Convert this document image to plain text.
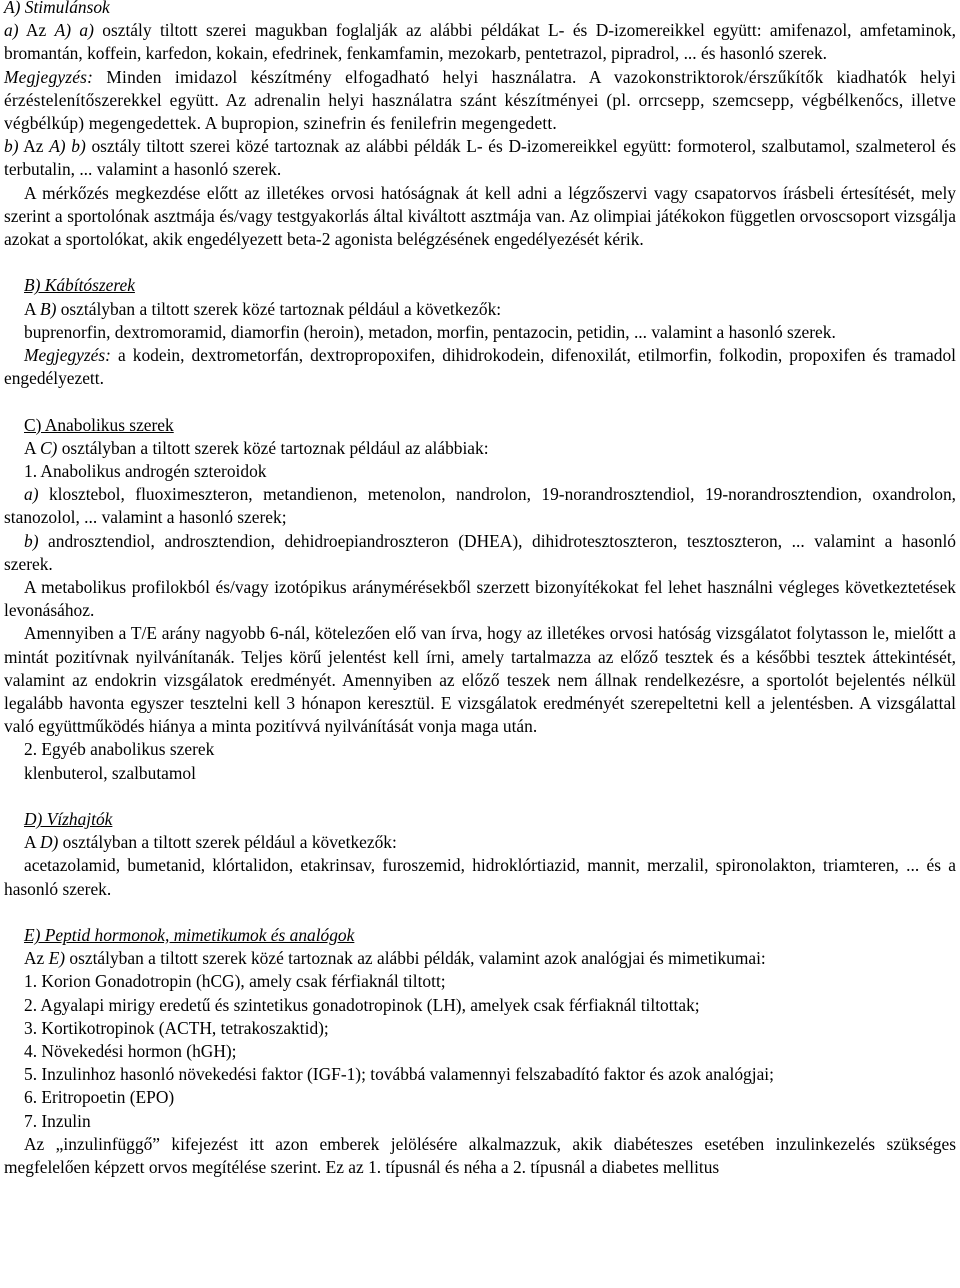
A) Stimulánsok

a) Az A) a) osztály tiltott szerei magukban foglalják az alábbi példákat L- és D-izomereikkel együtt: amifenazol, amfetaminok, bromantán, koffein, karfedon, kokain, efedrinek, fenkamfamin, mezokarb, pentetrazol, pipradrol, ... és hasonló szerek.

Megjegyzés: Minden imidazol készítmény elfogadható helyi használatra. A vazokonstriktorok/érszűkítők kiadhatók helyi érzéstelenítőszerekkel együtt. Az adrenalin helyi használatra szánt készítményei (pl. orrcsepp, szemcsepp, végbélkenőcs, illetve végbélkúp) megengedettek. A bupropion, szinefrin és fenilefrin megengedett.

b) Az A) b) osztály tiltott szerei közé tartoznak az alábbi példák L- és D-izomereikkel együtt: formoterol, szalbutamol, szalmeterol és terbutalin, ... valamint a hasonló szerek.

A mérkőzés megkezdése előtt az illetékes orvosi hatóságnak át kell adni a légzőszervi vagy csapatorvos írásbeli értesítését, mely szerint a sportolónak asztmája és/vagy testgyakorlás által kiváltott asztmája van. Az olimpiai játékokon független orvoscsoport vizsgálja azokat a sportolókat, akik engedélyezett beta-2 agonista belégzésének engedélyezését kérik.

B) Kábítószerek

A B) osztályban a tiltott szerek közé tartoznak például a következők:

buprenorfin, dextromoramid, diamorfin (heroin), metadon, morfin, pentazocin, petidin, ... valamint a hasonló szerek.

Megjegyzés: a kodein, dextrometorfán, dextropropoxifen, dihidrokodein, difenoxilát, etilmorfin, folkodin, propoxifen és tramadol engedélyezett.

C) Anabolikus szerek

A C) osztályban a tiltott szerek közé tartoznak például az alábbiak:

1. Anabolikus androgén szteroidok

a) klosztebol, fluoximeszteron, metandienon, metenolon, nandrolon, 19-norandrosztendiol, 19-norandrosztendion, oxandrolon, stanozolol, ... valamint a hasonló szerek;

b) androsztendiol, androsztendion, dehidroepiandroszteron (DHEA), dihidrotesztoszteron, tesztoszteron, ... valamint a hasonló szerek.

A metabolikus profilokból és/vagy izotópikus aránymérésekből szerzett bizonyítékokat fel lehet használni végleges következtetések levonásához.

Amennyiben a T/E arány nagyobb 6-nál, kötelezően elő van írva, hogy az illetékes orvosi hatóság vizsgálatot folytasson le, mielőtt a mintát pozitívnak nyilvánítanák. Teljes körű jelentést kell írni, amely tartalmazza az előző tesztek és a későbbi tesztek áttekintését, valamint az endokrin vizsgálatok eredményét. Amennyiben az előző teszek nem állnak rendelkezésre, a sportolót bejelentés nélkül legalább havonta egyszer tesztelni kell 3 hónapon keresztül. E vizsgálatok eredményét szerepeltetni kell a jelentésben. A vizsgálattal való együttműködés hiánya a minta pozitívvá nyilvánítását vonja maga után.

2. Egyéb anabolikus szerek

klenbuterol, szalbutamol

D) Vízhajtók

A D) osztályban a tiltott szerek például a következők:

acetazolamid, bumetanid, klórtalidon, etakrinsav, furoszemid, hidroklórtiazid, mannit, merzalil, spironolakton, triamteren, ... és a hasonló szerek.

E) Peptid hormonok, mimetikumok és analógok

Az E) osztályban a tiltott szerek közé tartoznak az alábbi példák, valamint azok analógjai és mimetikumai:

1. Korion Gonadotropin (hCG), amely csak férfiaknál tiltott;

2. Agyalapi mirigy eredetű és szintetikus gonadotropinok (LH), amelyek csak férfiaknál tiltottak;

3. Kortikotropinok (ACTH, tetrakoszaktid);

4. Növekedési hormon (hGH);

5. Inzulinhoz hasonló növekedési faktor (IGF-1); továbbá valamennyi felszabadító faktor és azok analógjai;

6. Eritropoetin (EPO)

7. Inzulin

Az „inzulinfüggő” kifejezést itt azon emberek jelölésére alkalmazzuk, akik diabéteszes esetében inzulinkezelés szükséges megfelelően képzett orvos megítélése szerint. Ez az 1. típusnál és néha a 2. típusnál a diabetes mellitus
